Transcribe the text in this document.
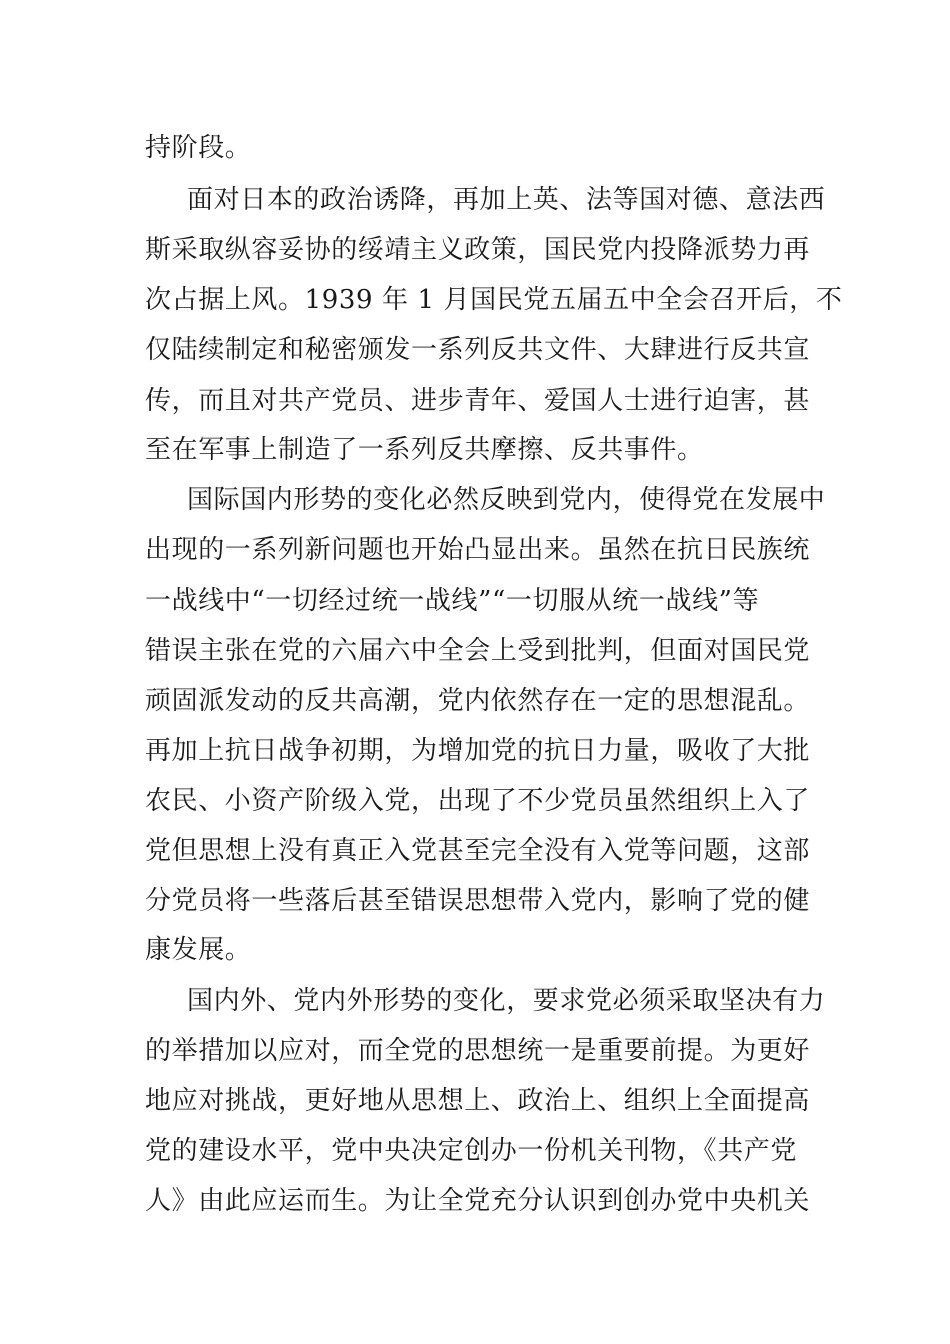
持阶段。
面对日本的政治诱降，再加上英、法等国对德、意法西
斯采取纵容妥协的绥靖主义政策，国民党内投降派势力再
次占据上风。1939 年 1 月国民党五届五中全会召开后，不
仅陆续制定和秘密颁发一系列反共文件、大肆进行反共宣
传，而且对共产党员、进步青年、爱国人士进行迫害，甚
至在军事上制造了一系列反共摩擦、反共事件。
国际国内形势的变化必然反映到党内，使得党在发展中
出现的一系列新问题也开始凸显出来。虽然在抗日民族统
一战线中“一切经过统一战线”“一切服从统一战线”等
错误主张在党的六届六中全会上受到批判，但面对国民党
顽固派发动的反共高潮，党内依然存在一定的思想混乱。
再加上抗日战争初期，为增加党的抗日力量，吸收了大批
农民、小资产阶级入党，出现了不少党员虽然组织上入了
党但思想上没有真正入党甚至完全没有入党等问题，这部
分党员将一些落后甚至错误思想带入党内，影响了党的健
康发展。
国内外、党内外形势的变化，要求党必须采取坚决有力
的举措加以应对，而全党的思想统一是重要前提。为更好
地应对挑战，更好地从思想上、政治上、组织上全面提高
党的建设水平，党中央决定创办一份机关刊物，《共产党
人》由此应运而生。为让全党充分认识到创办党中央机关
